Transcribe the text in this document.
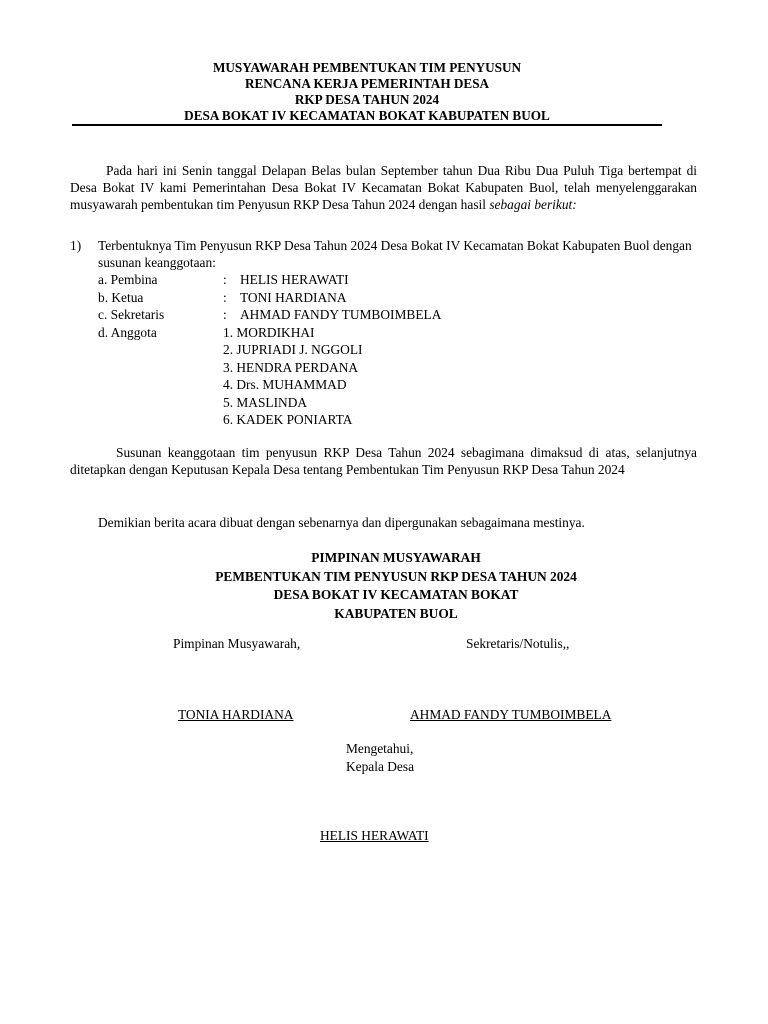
MUSYAWARAH PEMBENTUKAN TIM PENYUSUN
RENCANA KERJA PEMERINTAH DESA
RKP DESA TAHUN 2024
DESA BOKAT IV KECAMATAN BOKAT KABUPATEN BUOL
Pada hari ini Senin tanggal Delapan Belas bulan September tahun Dua Ribu Dua Puluh Tiga bertempat di Desa Bokat IV kami Pemerintahan Desa Bokat IV Kecamatan Bokat Kabupaten Buol, telah menyelenggarakan musyawarah pembentukan tim Penyusun RKP Desa Tahun 2024 dengan hasil sebagai berikut:
1) Terbentuknya Tim Penyusun RKP Desa Tahun 2024 Desa Bokat IV Kecamatan Bokat Kabupaten Buol dengan susunan keanggotaan:
a. Pembina	: HELIS HERAWATI
b. Ketua	: TONI HARDIANA
c. Sekretaris	: AHMAD FANDY TUMBOIMBELA
d. Anggota	1. MORDIKHAI
2. JUPRIADI J. NGGOLI
3. HENDRA PERDANA
4. Drs. MUHAMMAD
5. MASLINDA
6. KADEK PONIARTA
Susunan keanggotaan tim penyusun RKP Desa Tahun 2024 sebagimana dimaksud di atas, selanjutnya ditetapkan dengan Keputusan Kepala Desa tentang Pembentukan Tim Penyusun RKP Desa Tahun 2024
Demikian berita acara dibuat dengan sebenarnya dan dipergunakan sebagaimana mestinya.
PIMPINAN MUSYAWARAH
PEMBENTUKAN TIM PENYUSUN RKP DESA TAHUN 2024
DESA BOKAT IV KECAMATAN BOKAT
KABUPATEN BUOL
Pimpinan Musyawarah,	Sekretaris/Notulis,,
TONIA HARDIANA	AHMAD FANDY TUMBOIMBELA
Mengetahui,
Kepala Desa
HELIS HERAWATI
